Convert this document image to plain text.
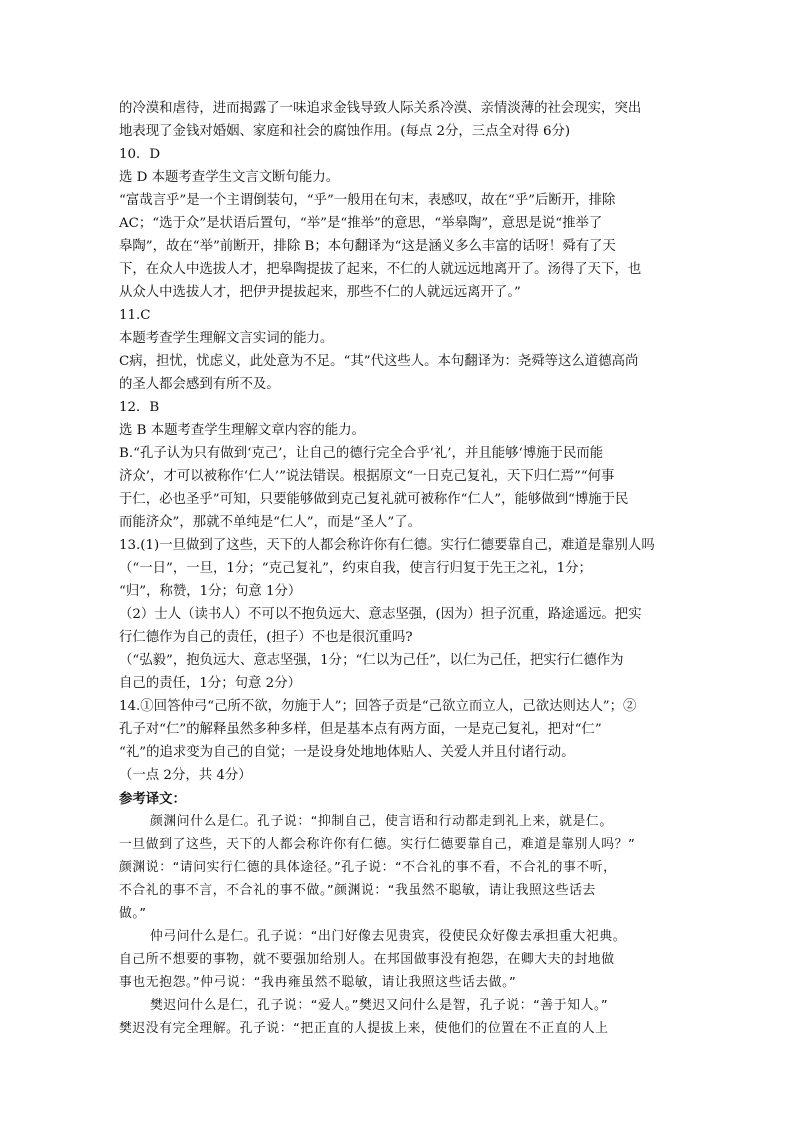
的冷漠和虐待，进而揭露了一味追求金钱导致人际关系冷漠、亲情淡薄的社会现实，突出
地表现了金钱对婚姻、家庭和社会的腐蚀作用。(每点 2分，三点全对得 6分)
10．D
选 D 本题考查学生文言文断句能力。
“富哉言乎”是一个主谓倒装句，“乎”一般用在句末，表感叹，故在“乎”后断开，排除
AC；“选于众”是状语后置句，“举”是“推举”的意思，“举皋陶”，意思是说“推举了
皋陶”，故在“举”前断开，排除 B；本句翻译为“这是涵义多么丰富的话呀！舜有了天
下，在众人中选拔人才，把皋陶提拔了起来，不仁的人就远远地离开了。汤得了天下，也
从众人中选拔人才，把伊尹提拔起来，那些不仁的人就远远离开了。”
11.C
本题考查学生理解文言实词的能力。
C病，担忧，忧虑义，此处意为不足。“其”代这些人。本句翻译为：尧舜等这么道德高尚
的圣人都会感到有所不及。
12．B
选 B 本题考查学生理解文章内容的能力。
B.“孔子认为只有做到‘克己’，让自己的德行完全合乎‘礼’，并且能够‘博施于民而能
济众’，才可以被称作‘仁人’”说法错误。根据原文“一日克己复礼，天下归仁焉”“何事
于仁，必也圣乎”可知，只要能够做到克己复礼就可被称作“仁人”，能够做到“博施于民
而能济众”，那就不单纯是“仁人”，而是“圣人”了。
13.(1)一旦做到了这些，天下的人都会称许你有仁德。实行仁德要靠自己，难道是靠别人吗
（“一日”，一旦，1分；“克己复礼”，约束自我，使言行归复于先王之礼，1分；
“归”，称赞，1分；句意 1分）
（2）士人（读书人）不可以不抱负远大、意志坚强，(因为）担子沉重，路途遥远。把实
行仁德作为自己的责任，(担子）不也是很沉重吗?
（“弘毅”，抱负远大、意志坚强，1分；“仁以为己任”，以仁为己任，把实行仁德作为
自己的责任，1分；句意 2分）
14.①回答仲弓“己所不欲，勿施于人”；回答子贡是“己欲立而立人，己欲达则达人”；②
孔子对“仁”的解释虽然多种多样，但是基本点有两方面，一是克己复礼，把对“仁”
“礼”的追求变为自己的自觉；一是设身处地地体贴人、关爱人并且付诸行动。
（一点 2分，共 4分）
参考译文：
颜渊问什么是仁。孔子说：“抑制自己，使言语和行动都走到礼上来，就是仁。
一旦做到了这些，天下的人都会称许你有仁德。实行仁德要靠自己，难道是靠别人吗？”
颜渊说：“请问实行仁德的具体途径。”孔子说：“不合礼的事不看，不合礼的事不听，
不合礼的事不言，不合礼的事不做。”颜渊说：“我虽然不聪敏，请让我照这些话去
做。”
仲弓问什么是仁。孔子说：“出门好像去见贵宾，役使民众好像去承担重大祀典。
自己所不想要的事物，就不要强加给别人。在邦国做事没有抱怨，在卿大夫的封地做
事也无抱怨。”仲弓说：“我冉雍虽然不聪敏，请让我照这些话去做。”
樊迟问什么是仁，孔子说：“爱人。”樊迟又问什么是智，孔子说：“善于知人。”
樊迟没有完全理解。孔子说：“把正直的人提拔上来，使他们的位置在不正直的人上
